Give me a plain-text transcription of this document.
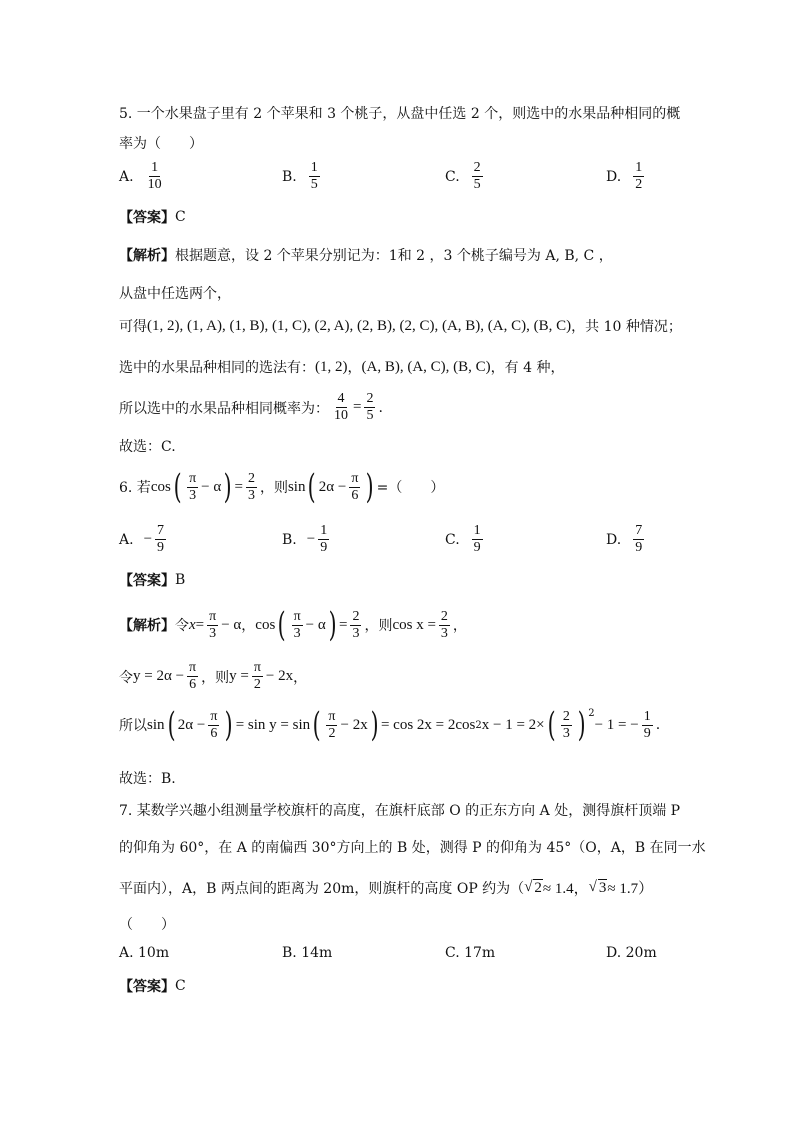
5. 一个水果盘子里有 2 个苹果和 3 个桃子，从盘中任选 2 个，则选中的水果品种相同的概
率为（　　）
A. $\frac{1}{10}$	B. $\frac{1}{5}$	C. $\frac{2}{5}$	D. $\frac{1}{2}$
【答案】 C
【解析】 根据题意，设 2 个苹果分别记为：1和 2 ，3 个桃子编号为 A, B, C ，
从盘中任选两个，
可得 (1, 2), (1, A), (1, B), (1, C), (2, A), (2, B), (2, C), (A, B), (A, C), (B, C) ，共 10 种情况；
选中的水果品种相同的选法有： (1, 2) ， (A, B), (A, C), (B, C) ，有 4 种，
所以选中的水果品种相同概率为： $\frac{4}{10} = \frac{2}{5}$ .
故选：C.
6. 若 cos ( $\frac{\pi}{3} - \alpha$ ) = $\frac{2}{3}$ ，则 sin ( $2\alpha - \frac{\pi}{6}$ ) =（　　）
A. − $\frac{7}{9}$	B. − $\frac{1}{9}$	C. $\frac{1}{9}$	D. $\frac{7}{9}$
【答案】 B
【解析】 令 $x = \frac{\pi}{3} - \alpha$ ， cos ( $\frac{\pi}{3} - \alpha$ ) = $\frac{2}{3}$ ，则 $\cos x = \frac{2}{3}$ ，
令 $y = 2\alpha - \frac{\pi}{6}$ ，则 $y = \frac{\pi}{2} - 2x$ ，
所以 sin ( $2\alpha - \frac{\pi}{6}$ ) = sin y = sin ( $\frac{\pi}{2} - 2x$ ) = cos 2x = 2cos 2 x − 1 = 2× ( $\frac{2}{3}$ ) 2
− 1 = − $\frac{1}{9}$ .
故选：B.
7. 某数学兴趣小组测量学校旗杆的高度，在旗杆底部 O 的正东方向 A 处，测得旗杆顶端 P
的仰角为 60°，在 A 的南偏西 30°方向上的 B 处，测得 P 的仰角为 45°（O，A，B 在同一水
平面内），A，B 两点间的距离为 20m，则旗杆的高度 OP 约为（ √ 2 ≈ 1.4， √ 3 ≈ 1.7）
（　　）
A. 10m	B. 14m	C. 17m	D. 20m
【答案】 C
